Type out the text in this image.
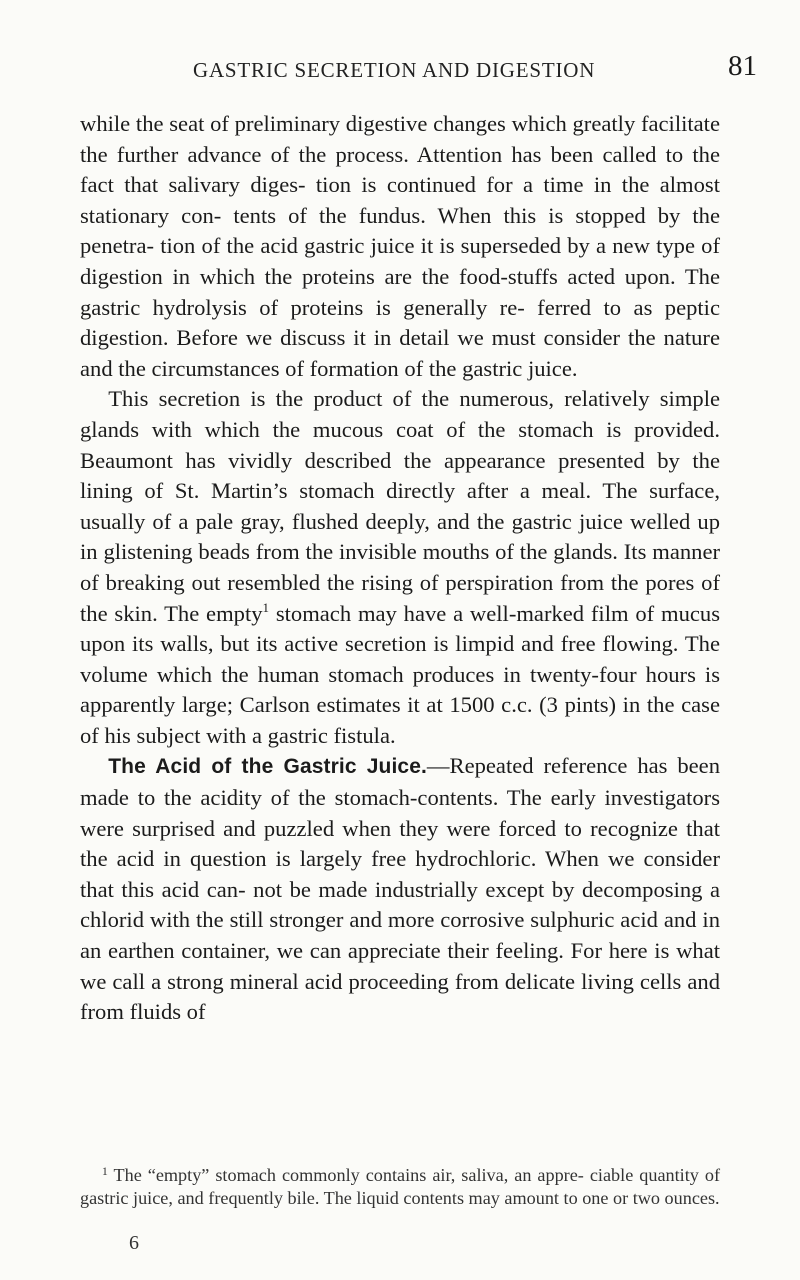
GASTRIC SECRETION AND DIGESTION	81

while the seat of preliminary digestive changes which greatly facilitate the further advance of the process. Attention has been called to the fact that salivary diges- tion is continued for a time in the almost stationary con- tents of the fundus. When this is stopped by the penetra- tion of the acid gastric juice it is superseded by a new type of digestion in which the proteins are the food-stuffs acted upon. The gastric hydrolysis of proteins is generally re- ferred to as peptic digestion. Before we discuss it in detail we must consider the nature and the circumstances of formation of the gastric juice.

This secretion is the product of the numerous, relatively simple glands with which the mucous coat of the stomach is provided. Beaumont has vividly described the appearance presented by the lining of St. Martin’s stomach directly after a meal. The surface, usually of a pale gray, flushed deeply, and the gastric juice welled up in glistening beads from the invisible mouths of the glands. Its manner of breaking out resembled the rising of perspiration from the pores of the skin. The empty$^1$ stomach may have a well-marked film of mucus upon its walls, but its active secretion is limpid and free flowing. The volume which the human stomach produces in twenty-four hours is apparently large; Carlson estimates it at 1500 c.c. (3 pints) in the case of his subject with a gastric fistula.

The Acid of the Gastric Juice.—Repeated reference has been made to the acidity of the stomach-contents. The early investigators were surprised and puzzled when they were forced to recognize that the acid in question is largely free hydrochloric. When we consider that this acid can- not be made industrially except by decomposing a chlorid with the still stronger and more corrosive sulphuric acid and in an earthen container, we can appreciate their feeling. For here is what we call a strong mineral acid proceeding from delicate living cells and from fluids of

$^1$ The “empty” stomach commonly contains air, saliva, an appre- ciable quantity of gastric juice, and frequently bile. The liquid contents may amount to one or two ounces.

6
